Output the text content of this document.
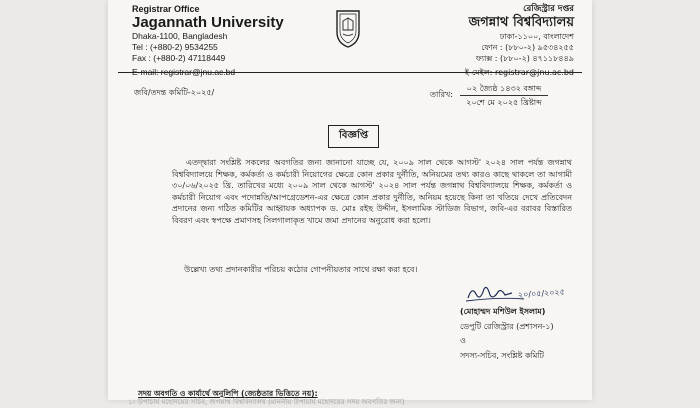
Registrar Office
Jagannath University
Dhaka-1100, Bangladesh
Tel : (+880-2) 9534255
Fax : (+880-2) 47118449
E-mail: registrar@jnu.ac.bd
রেজিস্ট্রার দপ্তর
জগন্নাথ বিশ্ববিদ্যালয়
ঢাকা-১১০০, বাংলাদেশ
ফোন : (৮৮০-২) ৯৫৩৪২৫৫
ফ্যাক্স : (৮৮০-২) ৪৭১১৮৪৪৯
ই-মেইল: registrar@jnu.ac.bd
জবি/তদন্ত কমিটি-২০২৫/	তারিখ:
০২ জ্যৈষ্ঠ ১৪৩২ বঙ্গাব্দ
২০শে মে ২০২৫ খ্রিষ্টাব্দ
বিজ্ঞপ্তি

এতদ্দ্বারা সংশ্লিষ্ট সকলের অবগতির জন্য জানানো যাচ্ছে যে, ২০০৯ সাল থেকে আগস্ট' ২০২৪ সাল পর্যন্ত জগন্নাথ বিশ্ববিদ্যালয়ে শিক্ষক, কর্মকর্তা ও কর্মচারী নিয়োগের ক্ষেত্রে কোন প্রকার দুর্নীতি, অনিয়মের তথ্য কারও কাছে থাকলে তা আগামী ৩০/০৬/২০২৫ খ্রি. তারিখের মধ্যে ২০০৯ সাল থেকে আগস্ট' ২০২৪ সাল পর্যন্ত জগন্নাথ বিশ্ববিদ্যালয়ে শিক্ষক, কর্মকর্তা ও কর্মচারী নিয়োগ এবং পদোন্নতি/আপগ্রেডেশন-এর ক্ষেত্রে কোন প্রকার দুর্নীতি, অনিয়ম হয়েছে কিনা তা খতিয়ে দেখে প্রতিবেদন প্রদানের জন্য গঠিত কমিটির আহ্বায়ক অধ্যাপক ড. মোঃ রইছ উদ্দীন, ইসলামিক স্টাডিজ বিভাগ, জবি-এর বরাবর বিস্তারিত বিবরণ এবং স্বপক্ষে প্রমাণসহ সিলগালাকৃত খামে জমা প্রদানের অনুরোধ করা হলো।

উল্লেখ্য তথ্য প্রদানকারীর পরিচয় কঠোর গোপনীয়তার সাথে রক্ষা করা হবে।
২০/০৫/২০২৫
(মোহাম্মদ মশিউল ইসলাম)
ডেপুটি রেজিস্ট্রার (প্রশাসন-১)
ও
সদস্য-সচিব, সংশ্লিষ্ট কমিটি
সদয় অবগতি ও কার্যার্থে অনুলিপি (জ্যেষ্ঠতার ভিত্তিতে নয়):
১। উপাচার্য মহোদয়ের সচিব, জগন্নাথ বিশ্ববিদ্যালয় (মাননীয় উপাচার্য মহোদয়ের সদয় অবগতির জন্য)
